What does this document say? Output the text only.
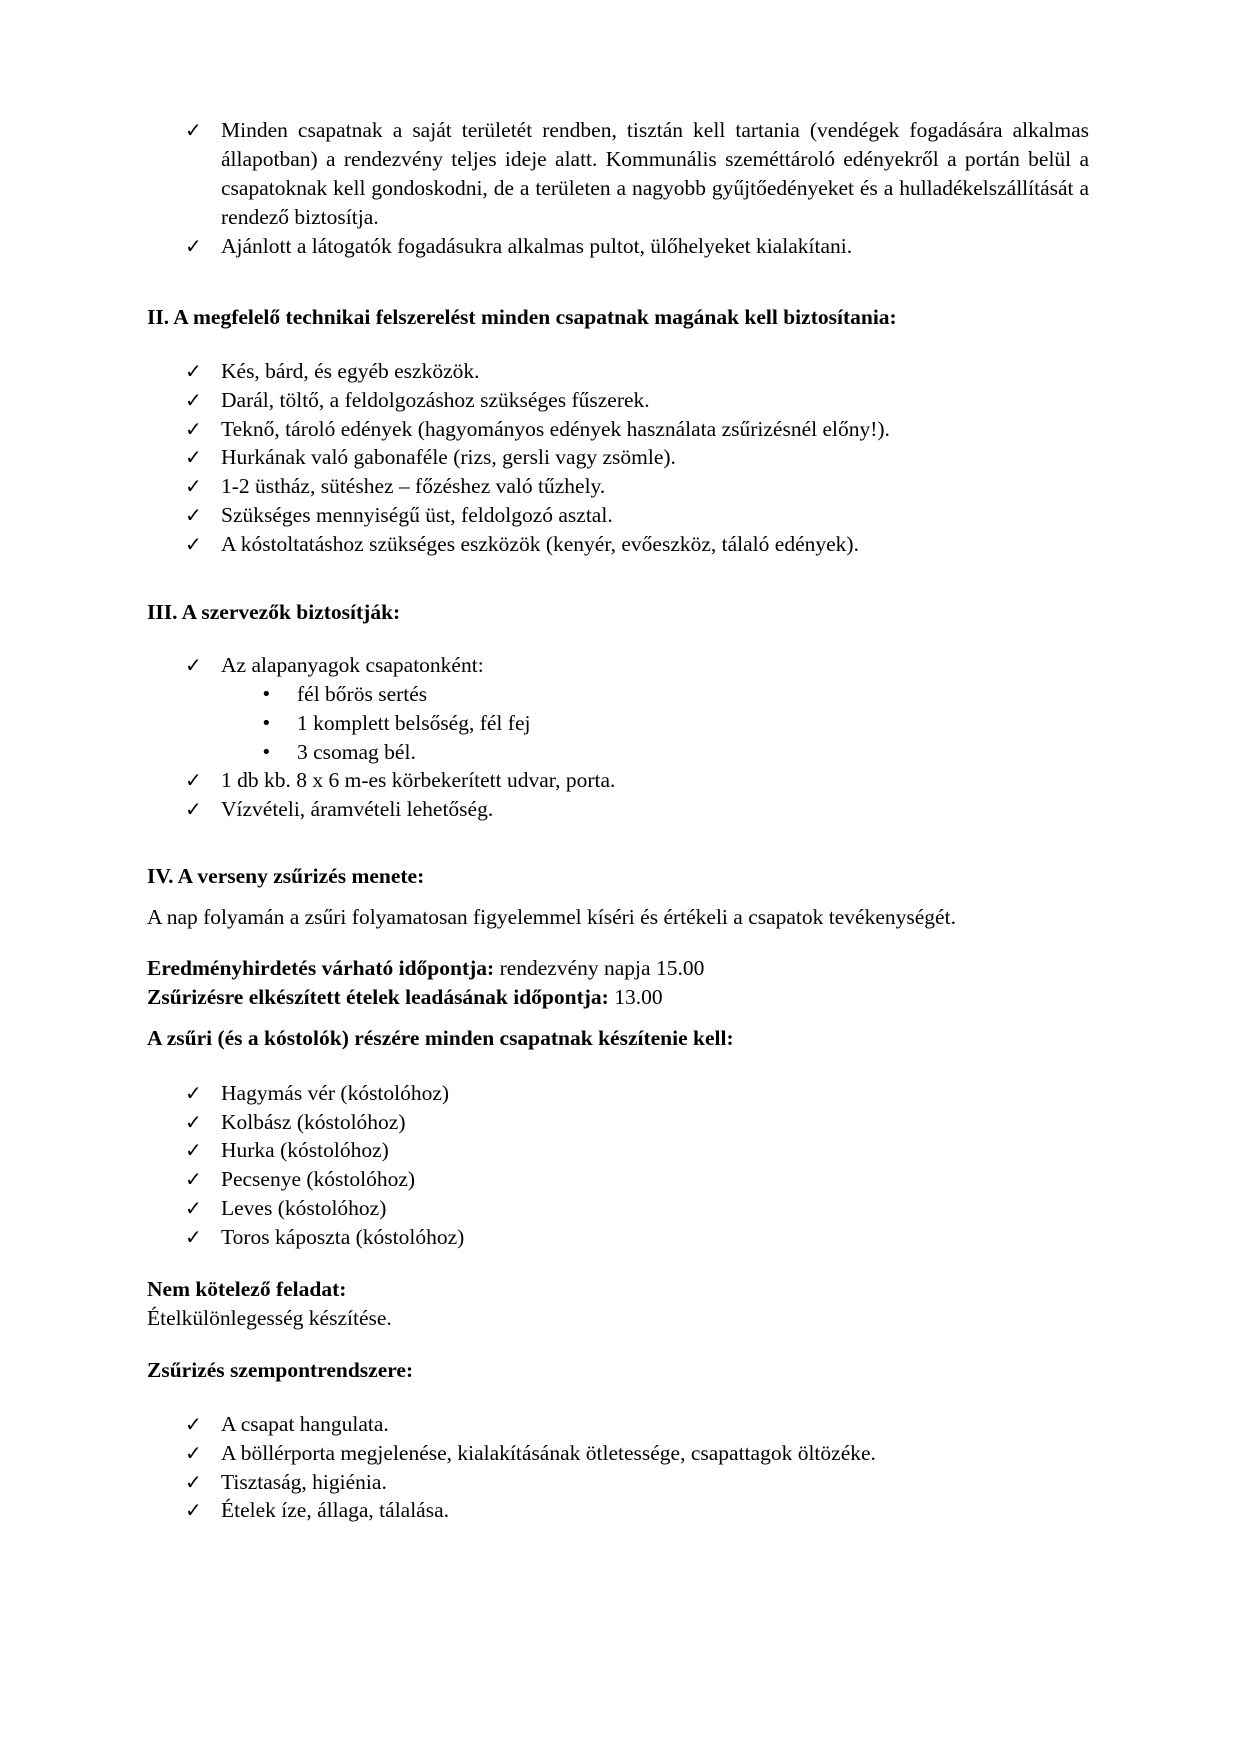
✓ Minden csapatnak a saját területét rendben, tisztán kell tartania (vendégek fogadására alkalmas állapotban) a rendezvény teljes ideje alatt. Kommunális szeméttároló edényekről a portán belül a csapatoknak kell gondoskodni, de a területen a nagyobb gyűjtőedényeket és a hulladékelszállítását a rendező biztosítja.
✓ Ajánlott a látogatók fogadásukra alkalmas pultot, ülőhelyeket kialakítani.
II. A megfelelő technikai felszerelést minden csapatnak magának kell biztosítania:
✓ Kés, bárd, és egyéb eszközök.
✓ Darál, töltő, a feldolgozáshoz szükséges fűszerek.
✓ Teknő, tároló edények (hagyományos edények használata zsűrizésnél előny!).
✓ Hurkának való gabonaféle (rizs, gersli vagy zsömle).
✓ 1-2 üstház, sütéshez – főzéshez való tűzhely.
✓ Szükséges mennyiségű üst, feldolgozó asztal.
✓ A kóstoltatáshoz szükséges eszközök (kenyér, evőeszköz, tálaló edények).
III. A szervezők biztosítják:
✓ Az alapanyagok csapatonként:
• fél bőrös sertés
• 1 komplett belsőség, fél fej
• 3 csomag bél.
✓ 1 db kb. 8 x 6 m-es körbekerített udvar, porta.
✓ Vízvételi, áramvételi lehetőség.
IV. A verseny zsűrizés menete:
A nap folyamán a zsűri folyamatosan figyelemmel kíséri és értékeli a csapatok tevékenységét.
Eredményhirdetés várható időpontja: rendezvény napja 15.00
Zsűrizésre elkészített ételek leadásának időpontja: 13.00
A zsűri (és a kóstolók) részére minden csapatnak készítenie kell:
✓ Hagymás vér (kóstolóhoz)
✓ Kolbász (kóstolóhoz)
✓ Hurka (kóstolóhoz)
✓ Pecsenye (kóstolóhoz)
✓ Leves (kóstolóhoz)
✓ Toros káposzta (kóstolóhoz)
Nem kötelező feladat:
Ételkülönlegesség készítése.
Zsűrizés szempontrendszere:
✓ A csapat hangulata.
✓ A böllérporta megjelenése, kialakításának ötletessége, csapattagok öltözéke.
✓ Tisztaság, higiénia.
✓ Ételek íze, állaga, tálalása.
